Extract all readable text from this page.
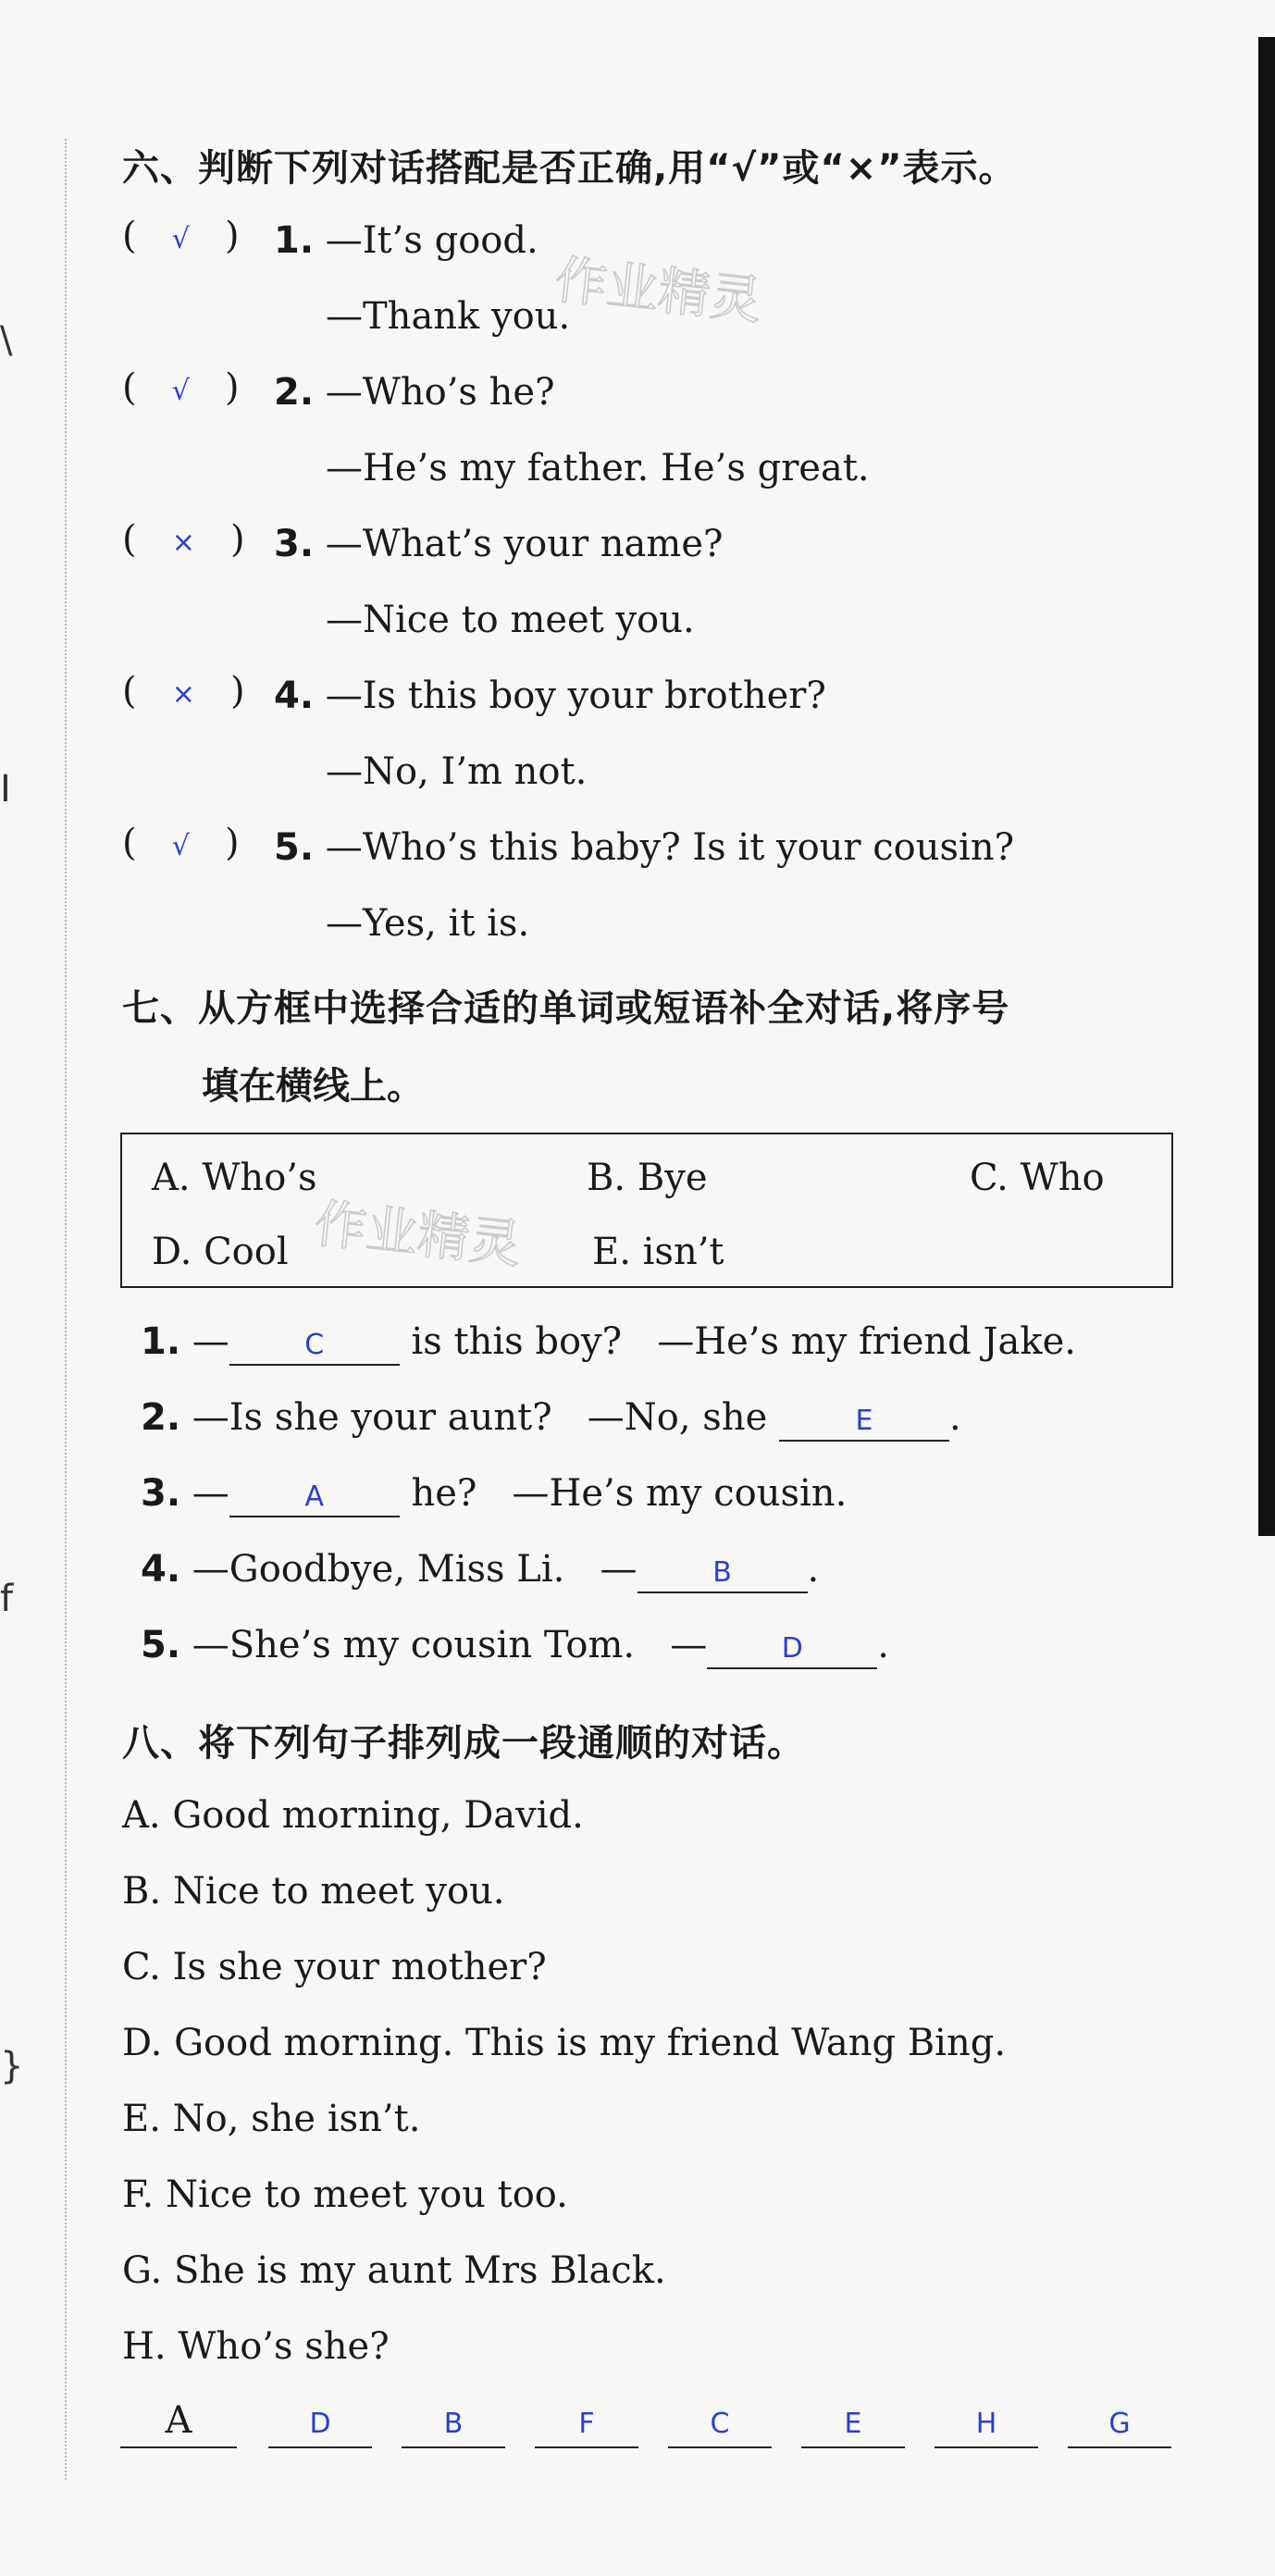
\
I
f
}
作业精灵
作业精灵
六、判断下列对话搭配是否正确,用“√”或“×”表示。
(   √   ) 1. —It’s good.
—Thank you.
(   √   ) 2. —Who’s he?
—He’s my father. He’s great.
(   ×   ) 3. —What’s your name?
—Nice to meet you.
(   ×   ) 4. —Is this boy your brother?
—No, I’m not.
(   √   ) 5. —Who’s this baby? Is it your cousin?
—Yes, it is.
七、从方框中选择合适的单词或短语补全对话,将序号
填在横线上。
A. Who’s	B. Bye	C. Who
D. Cool	E. isn’t
1. —	C is this boy?   —He’s my friend Jake.
2. —Is she your aunt?   —No, she	E .
3. —	A he?   —He’s my cousin.
4. —Goodbye, Miss Li.   —	B .
5. —She’s my cousin Tom.   —	D .
八、将下列句子排列成一段通顺的对话。
A. Good morning, David.
B. Nice to meet you.
C. Is she your mother?
D. Good morning. This is my friend Wang Bing.
E. No, she isn’t.
F. Nice to meet you too.
G. She is my aunt Mrs Black.
H. Who’s she?
A	D	B	F	C	E	H	G
